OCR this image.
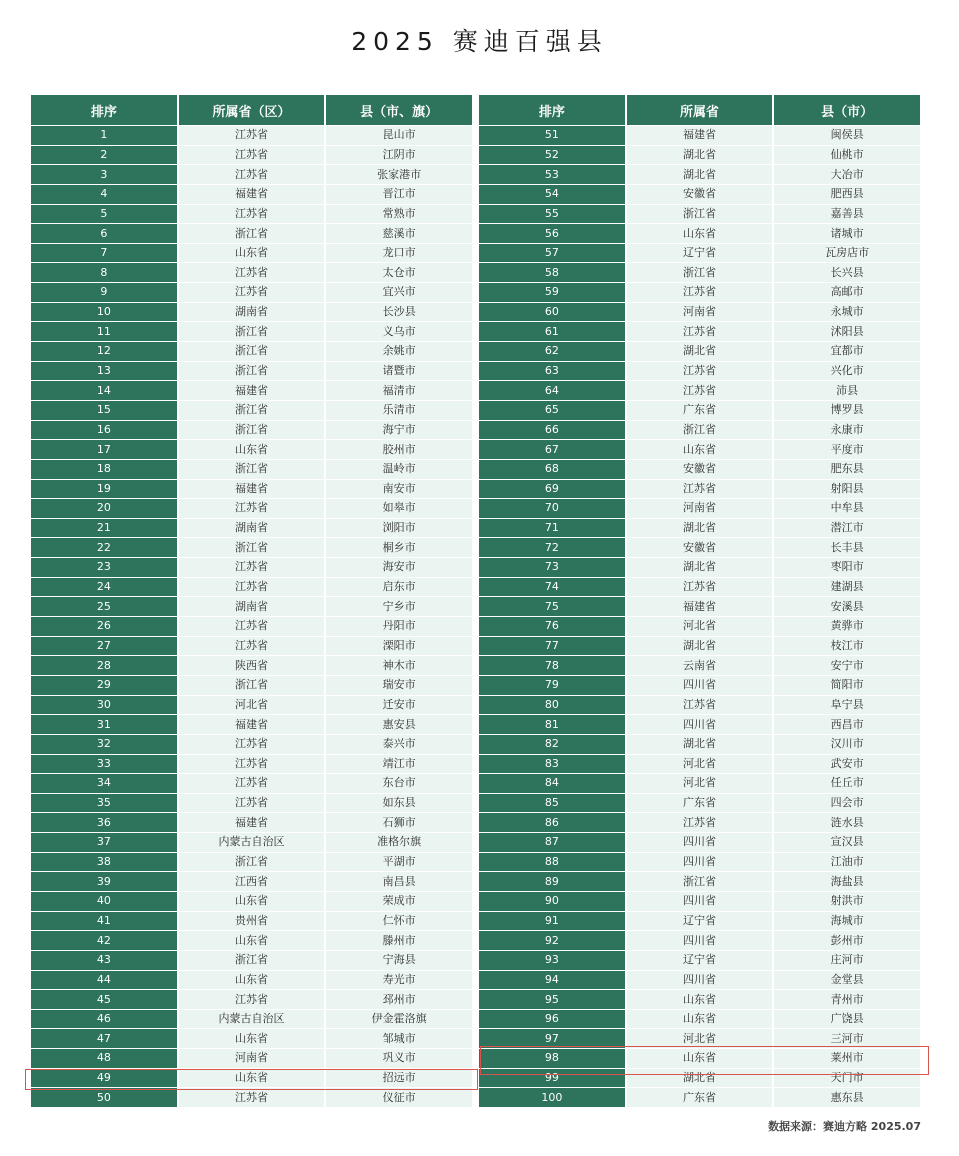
2025 赛迪百强县
排序	所属省（区）	县（市、旗）
1	江苏省	昆山市
2	江苏省	江阴市
3	江苏省	张家港市
4	福建省	晋江市
5	江苏省	常熟市
6	浙江省	慈溪市
7	山东省	龙口市
8	江苏省	太仓市
9	江苏省	宜兴市
10	湖南省	长沙县
11	浙江省	义乌市
12	浙江省	余姚市
13	浙江省	诸暨市
14	福建省	福清市
15	浙江省	乐清市
16	浙江省	海宁市
17	山东省	胶州市
18	浙江省	温岭市
19	福建省	南安市
20	江苏省	如皋市
21	湖南省	浏阳市
22	浙江省	桐乡市
23	江苏省	海安市
24	江苏省	启东市
25	湖南省	宁乡市
26	江苏省	丹阳市
27	江苏省	溧阳市
28	陕西省	神木市
29	浙江省	瑞安市
30	河北省	迁安市
31	福建省	惠安县
32	江苏省	泰兴市
33	江苏省	靖江市
34	江苏省	东台市
35	江苏省	如东县
36	福建省	石狮市
37	内蒙古自治区	准格尔旗
38	浙江省	平湖市
39	江西省	南昌县
40	山东省	荣成市
41	贵州省	仁怀市
42	山东省	滕州市
43	浙江省	宁海县
44	山东省	寿光市
45	江苏省	邳州市
46	内蒙古自治区	伊金霍洛旗
47	山东省	邹城市
48	河南省	巩义市
49	山东省	招远市
50	江苏省	仪征市
排序	所属省	县（市）
51	福建省	闽侯县
52	湖北省	仙桃市
53	湖北省	大冶市
54	安徽省	肥西县
55	浙江省	嘉善县
56	山东省	诸城市
57	辽宁省	瓦房店市
58	浙江省	长兴县
59	江苏省	高邮市
60	河南省	永城市
61	江苏省	沭阳县
62	湖北省	宜都市
63	江苏省	兴化市
64	江苏省	沛县
65	广东省	博罗县
66	浙江省	永康市
67	山东省	平度市
68	安徽省	肥东县
69	江苏省	射阳县
70	河南省	中牟县
71	湖北省	潜江市
72	安徽省	长丰县
73	湖北省	枣阳市
74	江苏省	建湖县
75	福建省	安溪县
76	河北省	黄骅市
77	湖北省	枝江市
78	云南省	安宁市
79	四川省	简阳市
80	江苏省	阜宁县
81	四川省	西昌市
82	湖北省	汉川市
83	河北省	武安市
84	河北省	任丘市
85	广东省	四会市
86	江苏省	涟水县
87	四川省	宣汉县
88	四川省	江油市
89	浙江省	海盐县
90	四川省	射洪市
91	辽宁省	海城市
92	四川省	彭州市
93	辽宁省	庄河市
94	四川省	金堂县
95	山东省	青州市
96	山东省	广饶县
97	河北省	三河市
98	山东省	莱州市
99	湖北省	天门市
100	广东省	惠东县
数据来源：赛迪方略 2025.07
